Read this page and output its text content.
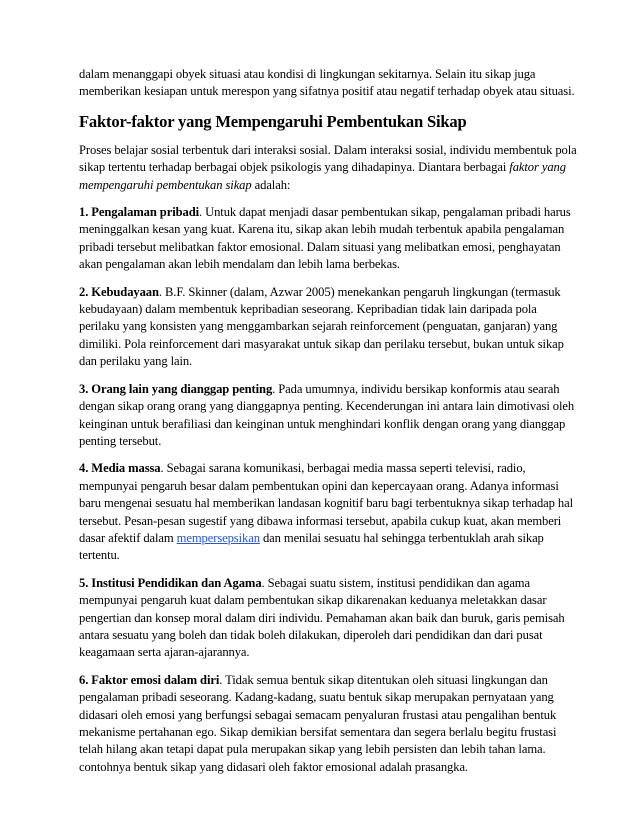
dalam menanggapi obyek situasi atau kondisi di lingkungan sekitarnya. Selain itu sikap juga memberikan kesiapan untuk merespon yang sifatnya positif atau negatif terhadap obyek atau situasi.

Faktor-faktor yang Mempengaruhi Pembentukan Sikap

Proses belajar sosial terbentuk dari interaksi sosial. Dalam interaksi sosial, individu membentuk pola sikap tertentu terhadap berbagai objek psikologis yang dihadapinya. Diantara berbagai faktor yang mempengaruhi pembentukan sikap adalah:

1. Pengalaman pribadi. Untuk dapat menjadi dasar pembentukan sikap, pengalaman pribadi harus meninggalkan kesan yang kuat. Karena itu, sikap akan lebih mudah terbentuk apabila pengalaman pribadi tersebut melibatkan faktor emosional. Dalam situasi yang melibatkan emosi, penghayatan akan pengalaman akan lebih mendalam dan lebih lama berbekas.

2. Kebudayaan. B.F. Skinner (dalam, Azwar 2005) menekankan pengaruh lingkungan (termasuk kebudayaan) dalam membentuk kepribadian seseorang. Kepribadian tidak lain daripada pola perilaku yang konsisten yang menggambarkan sejarah reinforcement (penguatan, ganjaran) yang dimiliki. Pola reinforcement dari masyarakat untuk sikap dan perilaku tersebut, bukan untuk sikap dan perilaku yang lain.

3. Orang lain yang dianggap penting. Pada umumnya, individu bersikap konformis atau searah dengan sikap orang orang yang dianggapnya penting. Kecenderungan ini antara lain dimotivasi oleh keinginan untuk berafiliasi dan keinginan untuk menghindari konflik dengan orang yang dianggap penting tersebut.

4. Media massa. Sebagai sarana komunikasi, berbagai media massa seperti televisi, radio, mempunyai pengaruh besar dalam pembentukan opini dan kepercayaan orang. Adanya informasi baru mengenai sesuatu hal memberikan landasan kognitif baru bagi terbentuknya sikap terhadap hal tersebut. Pesan-pesan sugestif yang dibawa informasi tersebut, apabila cukup kuat, akan memberi dasar afektif dalam mempersepsikan dan menilai sesuatu hal sehingga terbentuklah arah sikap tertentu.

5. Institusi Pendidikan dan Agama. Sebagai suatu sistem, institusi pendidikan dan agama mempunyai pengaruh kuat dalam pembentukan sikap dikarenakan keduanya meletakkan dasar pengertian dan konsep moral dalam diri individu. Pemahaman akan baik dan buruk, garis pemisah antara sesuatu yang boleh dan tidak boleh dilakukan, diperoleh dari pendidikan dan dari pusat keagamaan serta ajaran-ajarannya.

6. Faktor emosi dalam diri. Tidak semua bentuk sikap ditentukan oleh situasi lingkungan dan pengalaman pribadi seseorang. Kadang-kadang, suatu bentuk sikap merupakan pernyataan yang didasari oleh emosi yang berfungsi sebagai semacam penyaluran frustasi atau pengalihan bentuk mekanisme pertahanan ego. Sikap demikian bersifat sementara dan segera berlalu begitu frustasi telah hilang akan tetapi dapat pula merupakan sikap yang lebih persisten dan lebih tahan lama. contohnya bentuk sikap yang didasari oleh faktor emosional adalah prasangka.
